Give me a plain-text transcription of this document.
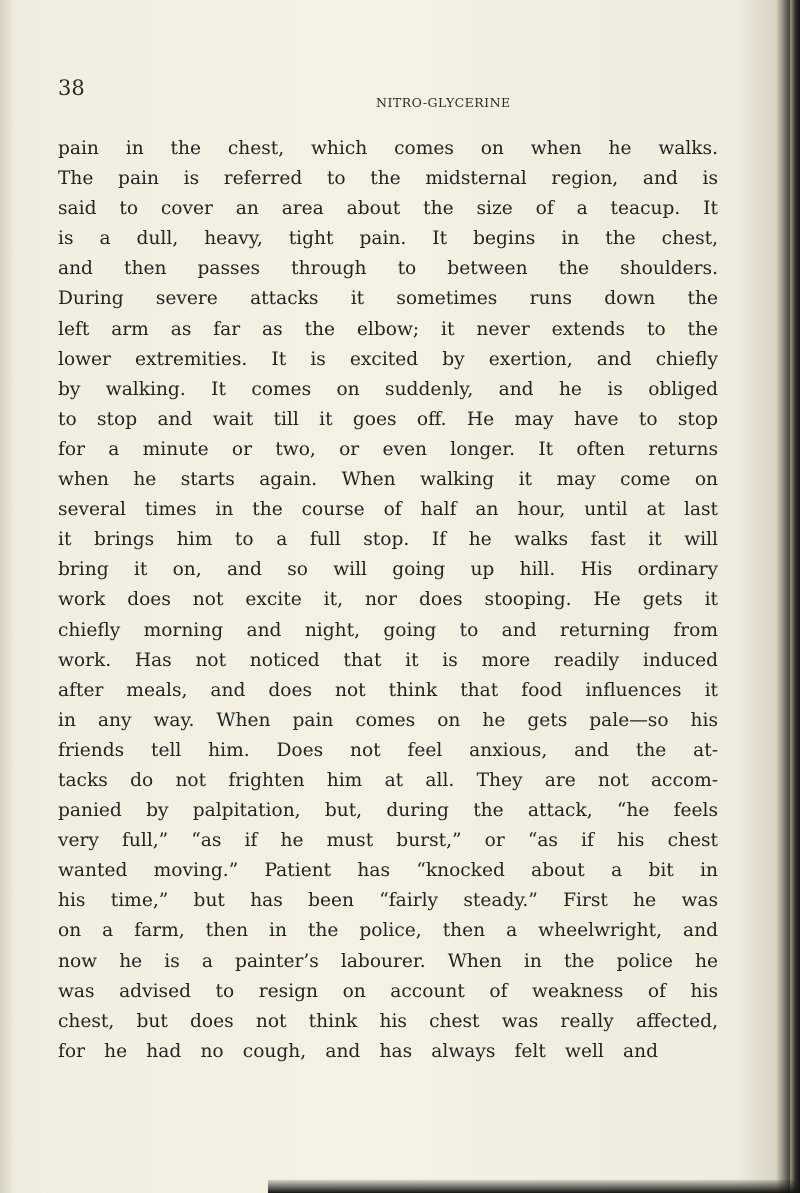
38

NITRO-GLYCERINE

pain in the chest, which comes on when he walks.
The pain is referred to the midsternal region, and is
said to cover an area about the size of a teacup. It
is a dull, heavy, tight pain. It begins in the chest,
and then passes through to between the shoulders.
During severe attacks it sometimes runs down the
left arm as far as the elbow; it never extends to the
lower extremities. It is excited by exertion, and chiefly
by walking. It comes on suddenly, and he is obliged
to stop and wait till it goes off. He may have to stop
for a minute or two, or even longer. It often returns
when he starts again. When walking it may come on
several times in the course of half an hour, until at last
it brings him to a full stop. If he walks fast it will
bring it on, and so will going up hill. His ordinary
work does not excite it, nor does stooping. He gets it
chiefly morning and night, going to and returning from
work. Has not noticed that it is more readily induced
after meals, and does not think that food influences it
in any way. When pain comes on he gets pale—so his
friends tell him. Does not feel anxious, and the at-
tacks do not frighten him at all. They are not accom-
panied by palpitation, but, during the attack, “he feels
very full,” “as if he must burst,” or “as if his chest
wanted moving.” Patient has “knocked about a bit in
his time,” but has been “fairly steady.” First he was
on a farm, then in the police, then a wheelwright, and
now he is a painter’s labourer. When in the police he
was advised to resign on account of weakness of his
chest, but does not think his chest was really affected,
for he had no cough, and has always felt well and
